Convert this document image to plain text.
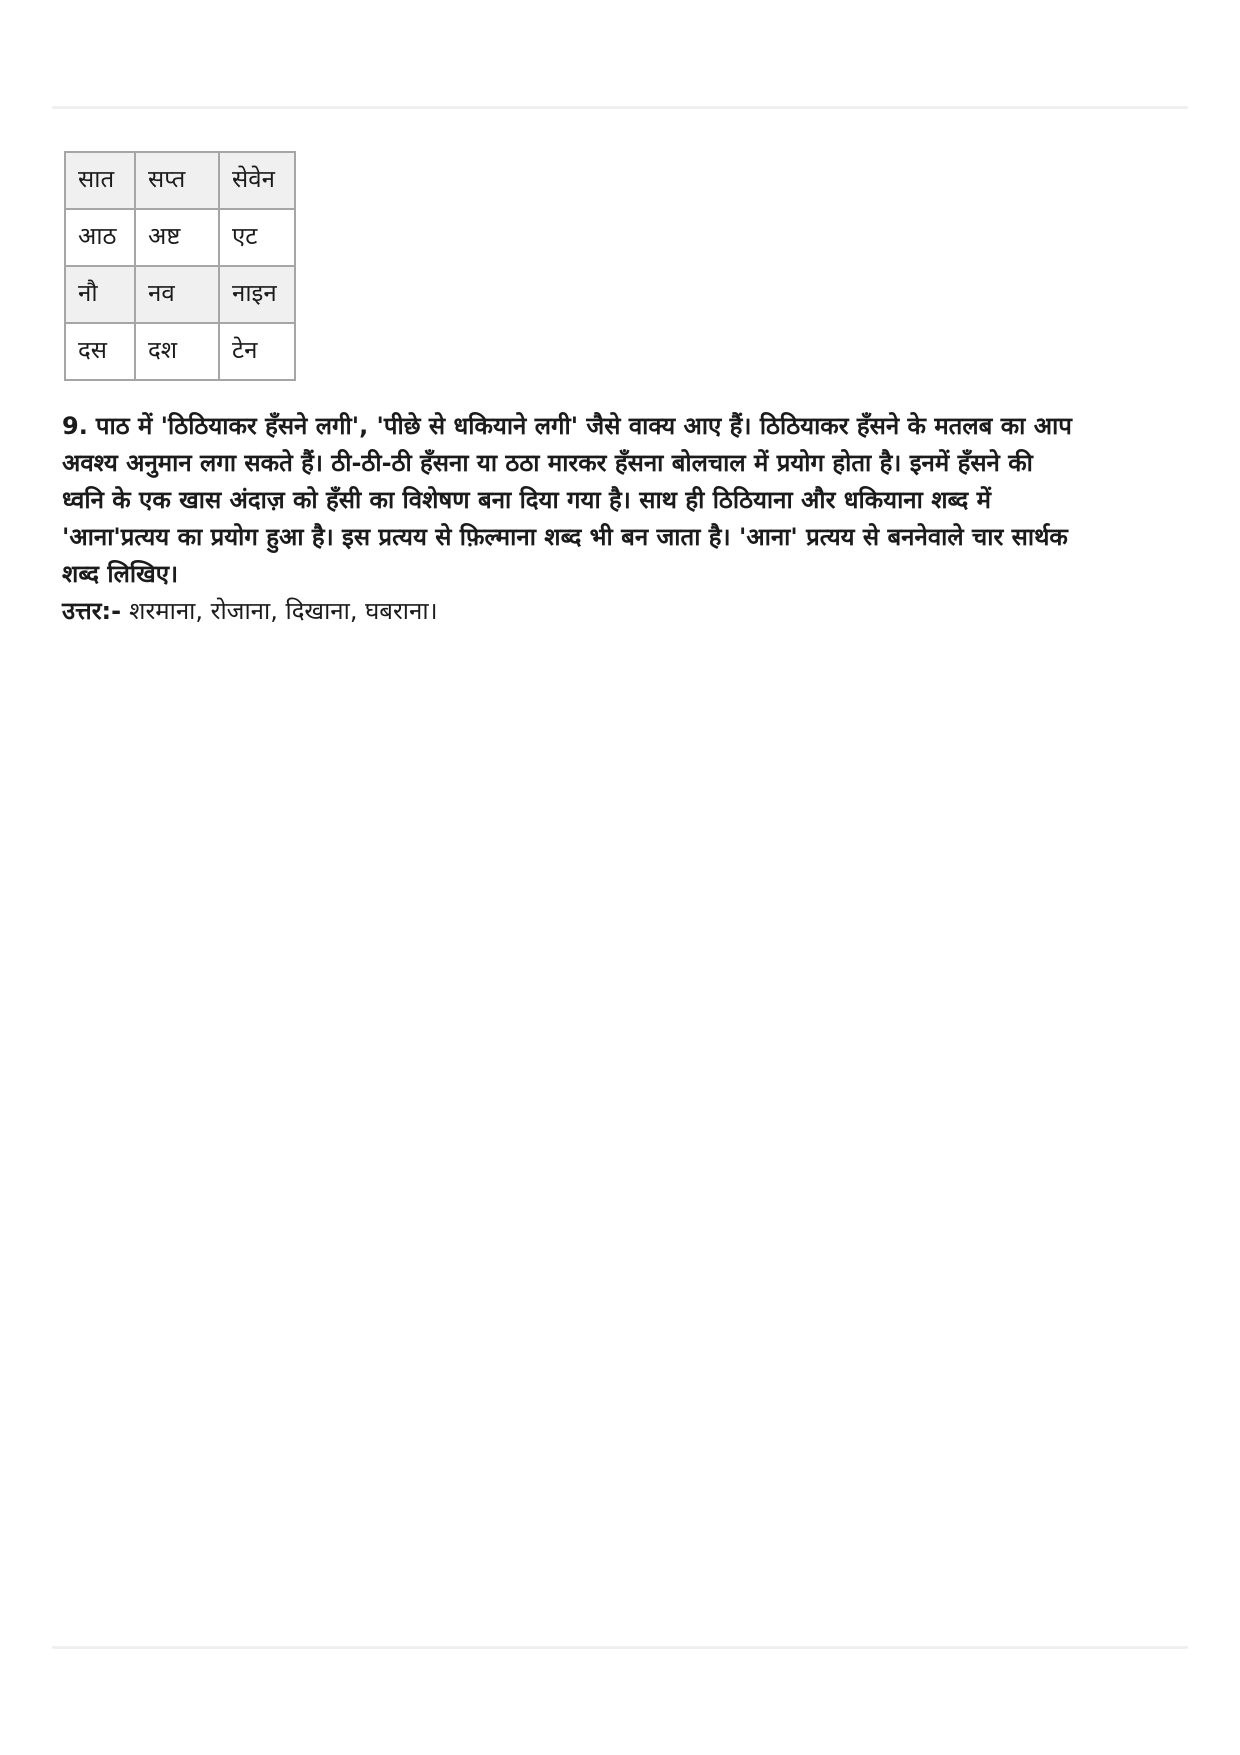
सात	सप्त	सेवेन
आठ	अष्ट	एट
नौ	नव	नाइन
दस	दश	टेन

9. पाठ में 'ठिठियाकर हँसने लगी', 'पीछे से धकियाने लगी' जैसे वाक्य आए हैं। ठिठियाकर हँसने के मतलब का आप अवश्य अनुमान लगा सकते हैं। ठी-ठी-ठी हँसना या ठठा मारकर हँसना बोलचाल में प्रयोग होता है। इनमें हँसने की ध्वनि के एक खास अंदाज़ को हँसी का विशेषण बना दिया गया है। साथ ही ठिठियाना और धकियाना शब्द में 'आना'प्रत्यय का प्रयोग हुआ है। इस प्रत्यय से फ़िल्माना शब्द भी बन जाता है। 'आना' प्रत्यय से बननेवाले चार सार्थक शब्द लिखिए।

उत्तर:- शरमाना, रोजाना, दिखाना, घबराना।
